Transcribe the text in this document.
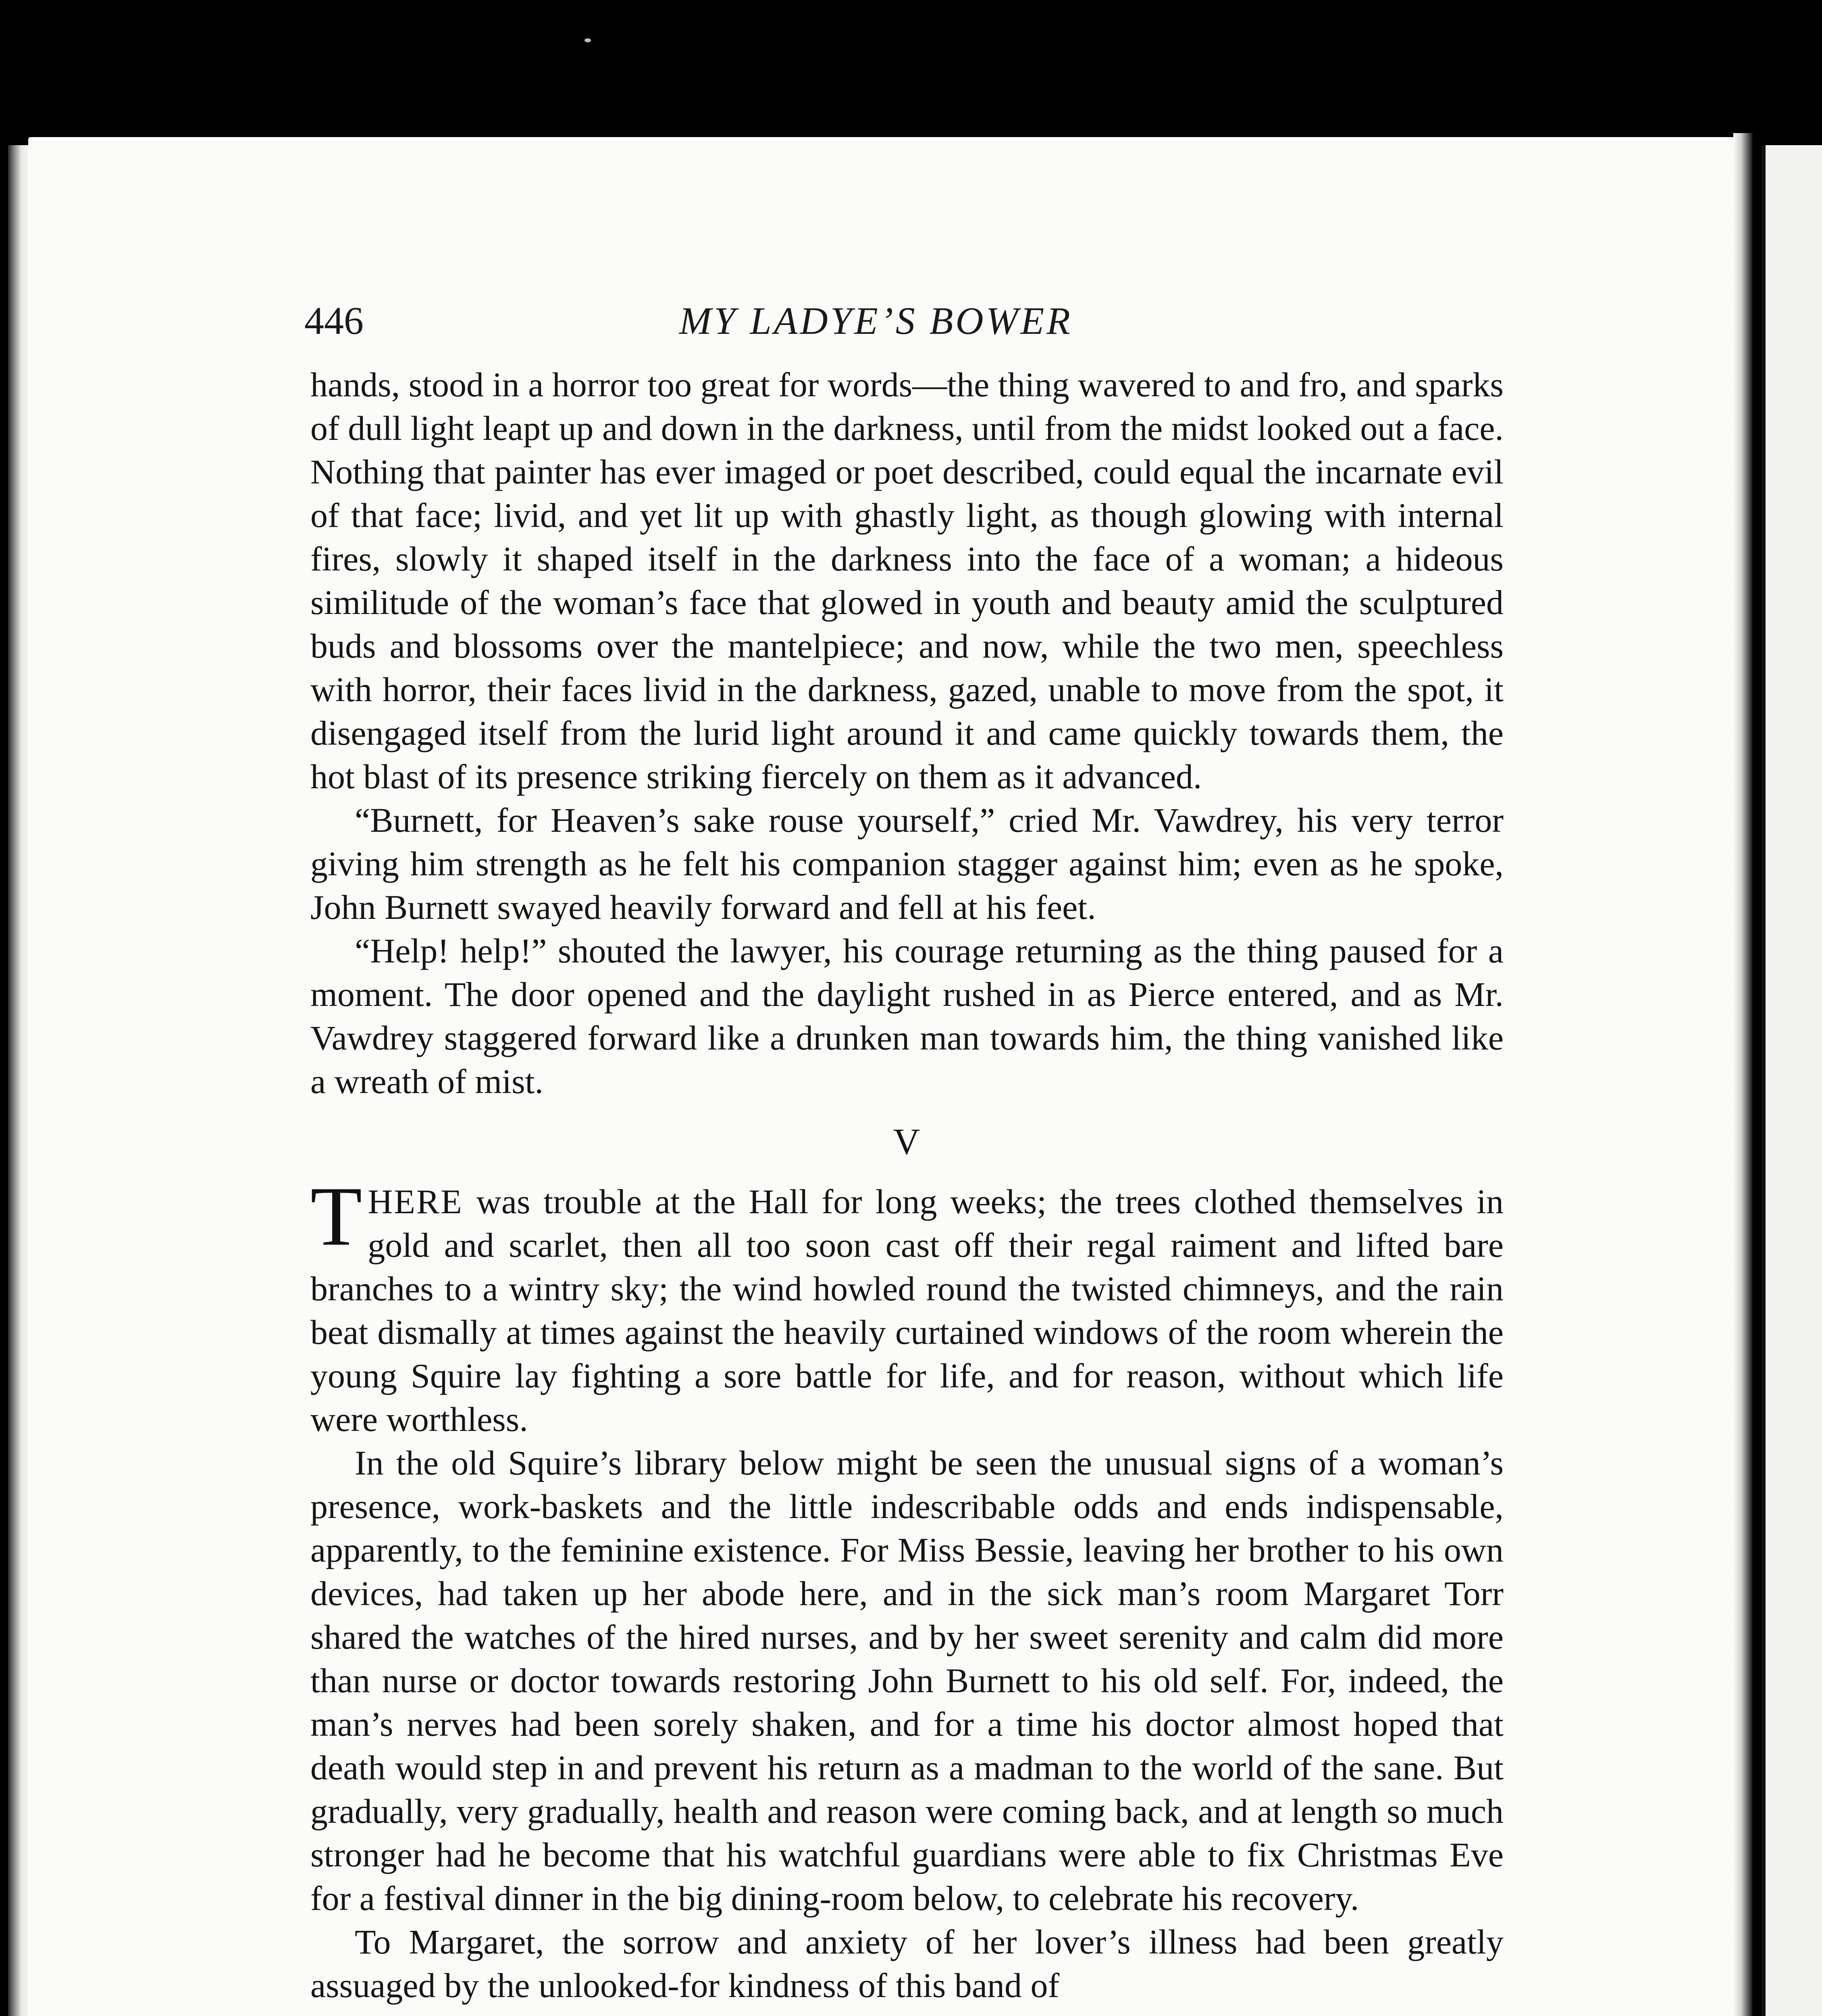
446	MY LADYE’S BOWER

hands, stood in a horror too great for words—the thing wavered to and fro, and sparks of dull light leapt up and down in the darkness, until from the midst looked out a face. Nothing that painter has ever imaged or poet described, could equal the incarnate evil of that face; livid, and yet lit up with ghastly light, as though glowing with internal fires, slowly it shaped itself in the darkness into the face of a woman; a hideous similitude of the woman’s face that glowed in youth and beauty amid the sculptured buds and blossoms over the mantelpiece; and now, while the two men, speechless with horror, their faces livid in the darkness, gazed, unable to move from the spot, it disengaged itself from the lurid light around it and came quickly towards them, the hot blast of its presence striking fiercely on them as it advanced.

“Burnett, for Heaven’s sake rouse yourself,” cried Mr. Vawdrey, his very terror giving him strength as he felt his companion stagger against him; even as he spoke, John Burnett swayed heavily forward and fell at his feet.

“Help! help!” shouted the lawyer, his courage returning as the thing paused for a moment. The door opened and the daylight rushed in as Pierce entered, and as Mr. Vawdrey staggered forward like a drunken man towards him, the thing vanished like a wreath of mist.

V

THERE was trouble at the Hall for long weeks; the trees clothed themselves in gold and scarlet, then all too soon cast off their regal raiment and lifted bare branches to a wintry sky; the wind howled round the twisted chimneys, and the rain beat dismally at times against the heavily curtained windows of the room wherein the young Squire lay fighting a sore battle for life, and for reason, without which life were worthless.

In the old Squire’s library below might be seen the unusual signs of a woman’s presence, work-baskets and the little indescribable odds and ends indispensable, apparently, to the feminine existence. For Miss Bessie, leaving her brother to his own devices, had taken up her abode here, and in the sick man’s room Margaret Torr shared the watches of the hired nurses, and by her sweet serenity and calm did more than nurse or doctor towards restoring John Burnett to his old self. For, indeed, the man’s nerves had been sorely shaken, and for a time his doctor almost hoped that death would step in and prevent his return as a madman to the world of the sane. But gradually, very gradually, health and reason were coming back, and at length so much stronger had he become that his watchful guardians were able to fix Christmas Eve for a festival dinner in the big dining-room below, to celebrate his recovery.

To Margaret, the sorrow and anxiety of her lover’s illness had been greatly assuaged by the unlooked-for kindness of this band of
